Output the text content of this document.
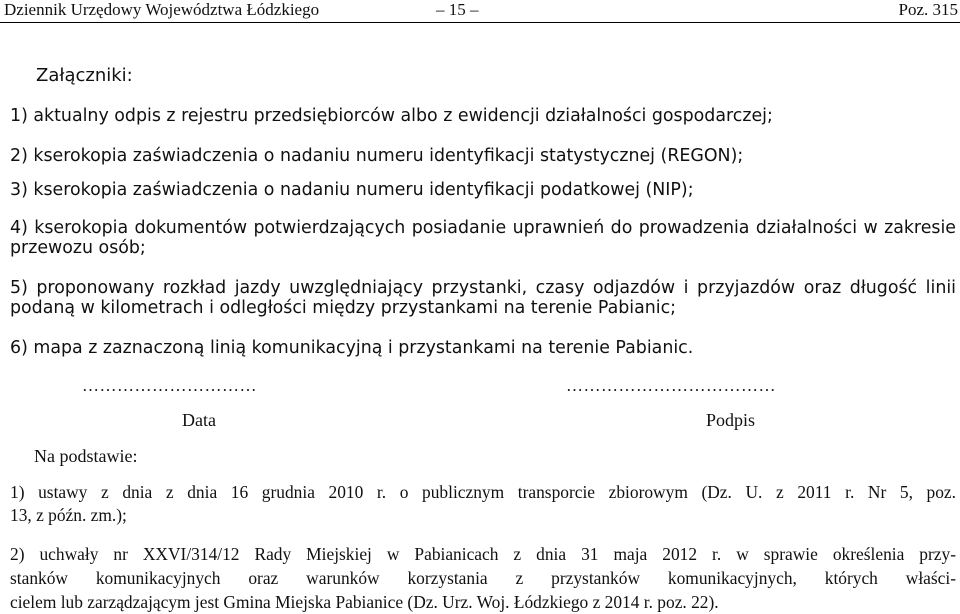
Dziennik Urzędowy Województwa Łódzkiego	– 15 –	Poz. 315
Załączniki:
1) aktualny odpis z rejestru przedsiębiorców albo z ewidencji działalności gospodarczej;
2) kserokopia zaświadczenia o nadaniu numeru identyfikacji statystycznej (REGON);
3) kserokopia zaświadczenia o nadaniu numeru identyfikacji podatkowej (NIP);
4) kserokopia dokumentów potwierdzających posiadanie uprawnień do prowadzenia działalności w zakresie
przewozu osób;
5) proponowany rozkład jazdy uwzględniający przystanki, czasy odjazdów i przyjazdów oraz długość linii
podaną w kilometrach i odległości między przystankami na terenie Pabianic;
6) mapa z zaznaczoną linią komunikacyjną i przystankami na terenie Pabianic.
…………………………	………………………………
Data	Podpis
Na podstawie:
1) ustawy z dnia z dnia 16 grudnia 2010 r. o publicznym transporcie zbiorowym (Dz. U. z 2011 r. Nr 5, poz.
13, z późn. zm.);
2) uchwały nr XXVI/314/12 Rady Miejskiej w Pabianicach z dnia 31 maja 2012 r. w sprawie określenia przy-
stanków komunikacyjnych oraz warunków korzystania z przystanków komunikacyjnych, których właści-
cielem lub zarządzającym jest Gmina Miejska Pabianice (Dz. Urz. Woj. Łódzkiego z 2014 r. poz. 22).
